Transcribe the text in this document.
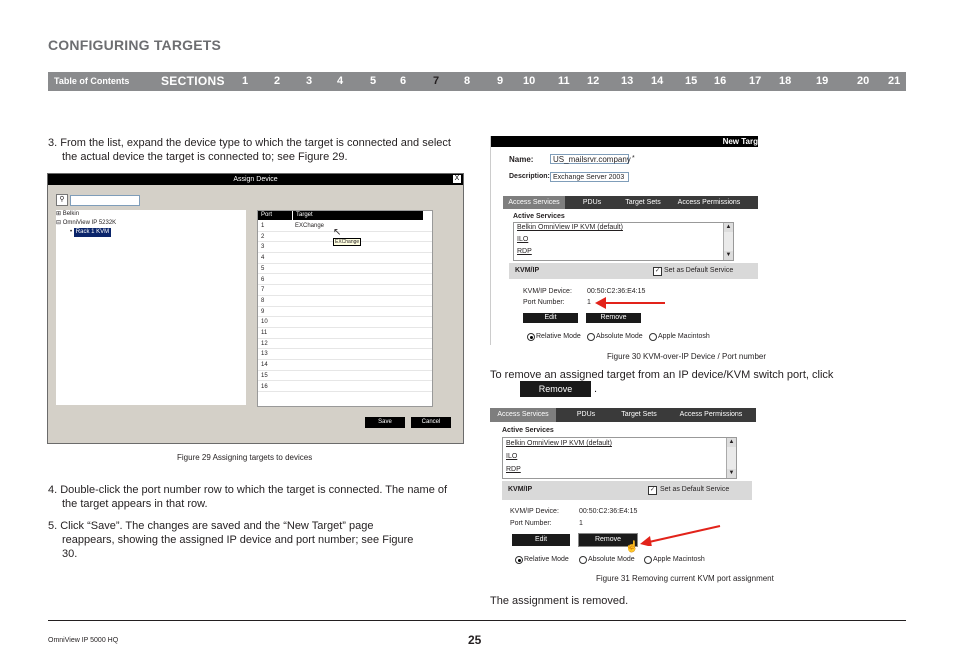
CONFIGURING TARGETS
Table of Contents	SECTIONS 1 2 3 4 5 6 7 8 9 10 11 12 13 14 15 16 17 18 19	20 21
3. From the list, expand the device type to which the target is connected and select the actual device the target is connected to; see Figure 29.
Assign Device	X
⚲
⊞ Belkin
⊟ OmniView IP 5232K
• Rack 1 KVM
Port	Target
1	EXChange
2
3
4
5
6
7
8
9
10
11
12
13
14
15
16
↖
EXChange
Save	Cancel
Figure 29 Assigning targets to devices
4. Double-click the port number row to which the target is connected. The name of the target appears in that row.
5. Click “Save”. The changes are saved and the “New Target” page reappears, showing the assigned IP device and port number; see Figure 30.
New Targ
Name:	US_mailsrvr.company *
Description: Exchange Server 2003
Access Services	PDUs	Target Sets	Access Permissions
Active Services
Belkin OmniView IP KVM (default)
ILO
RDP
▲
▼
KVM/IP	✓ Set as Default Service
KVM/IP Device: 00:50:C2:36:E4:15
Port Number:	1
Edit	Remove
Relative Mode Absolute Mode Apple Macintosh
Figure 30 KVM-over-IP Device / Port number
To remove an assigned target from an IP device/KVM switch port, click
Remove	.
Access Services	PDUs	Target Sets	Access Permissions
Active Services
Belkin OmniView IP KVM (default)
ILO
RDP
▲
▼
KVM/IP	✓ Set as Default Service
KVM/IP Device:	00:50:C2:36:E4:15
Port Number:	1
Edit	Remove
☝
Relative Mode	Absolute Mode	Apple Macintosh
Figure 31 Removing current KVM port assignment
The assignment is removed.
OmniView IP 5000 HQ	25
